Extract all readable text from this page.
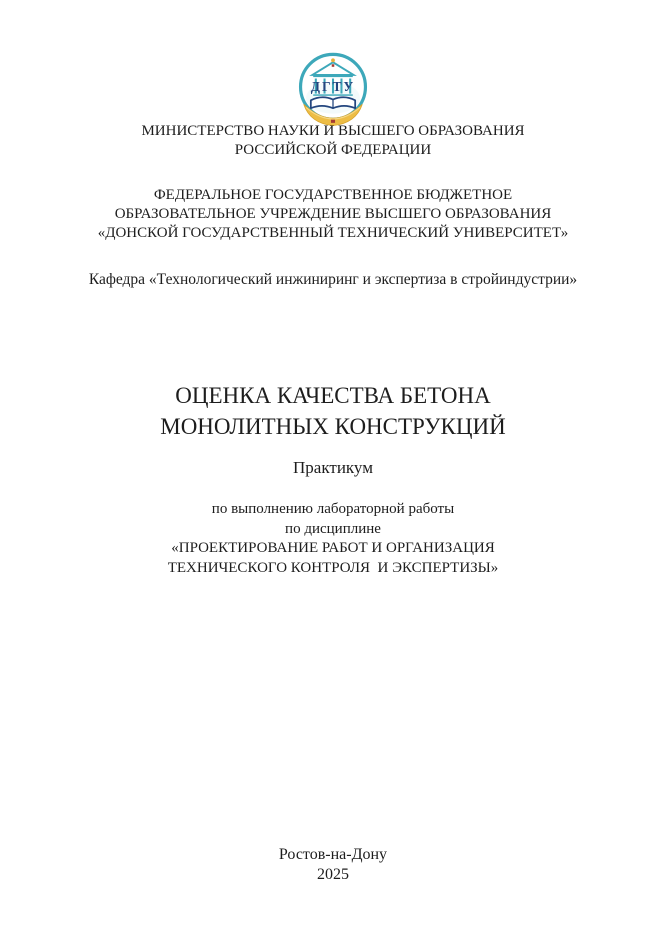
ДГТУ
МИНИСТЕРСТВО НАУКИ И ВЫСШЕГО ОБРАЗОВАНИЯ
РОССИЙСКОЙ ФЕДЕРАЦИИ
ФЕДЕРАЛЬНОЕ ГОСУДАРСТВЕННОЕ БЮДЖЕТНОЕ
ОБРАЗОВАТЕЛЬНОЕ УЧРЕЖДЕНИЕ ВЫСШЕГО ОБРАЗОВАНИЯ
«ДОНСКОЙ ГОСУДАРСТВЕННЫЙ ТЕХНИЧЕСКИЙ УНИВЕРСИТЕТ»
Кафедра «Технологический инжиниринг и экспертиза в стройиндустрии»
ОЦЕНКА КАЧЕСТВА БЕТОНА
МОНОЛИТНЫХ КОНСТРУКЦИЙ
Практикум
по выполнению лабораторной работы
по дисциплине
«ПРОЕКТИРОВАНИЕ РАБОТ И ОРГАНИЗАЦИЯ
ТЕХНИЧЕСКОГО КОНТРОЛЯ  И ЭКСПЕРТИЗЫ»
Ростов-на-Дону
2025
